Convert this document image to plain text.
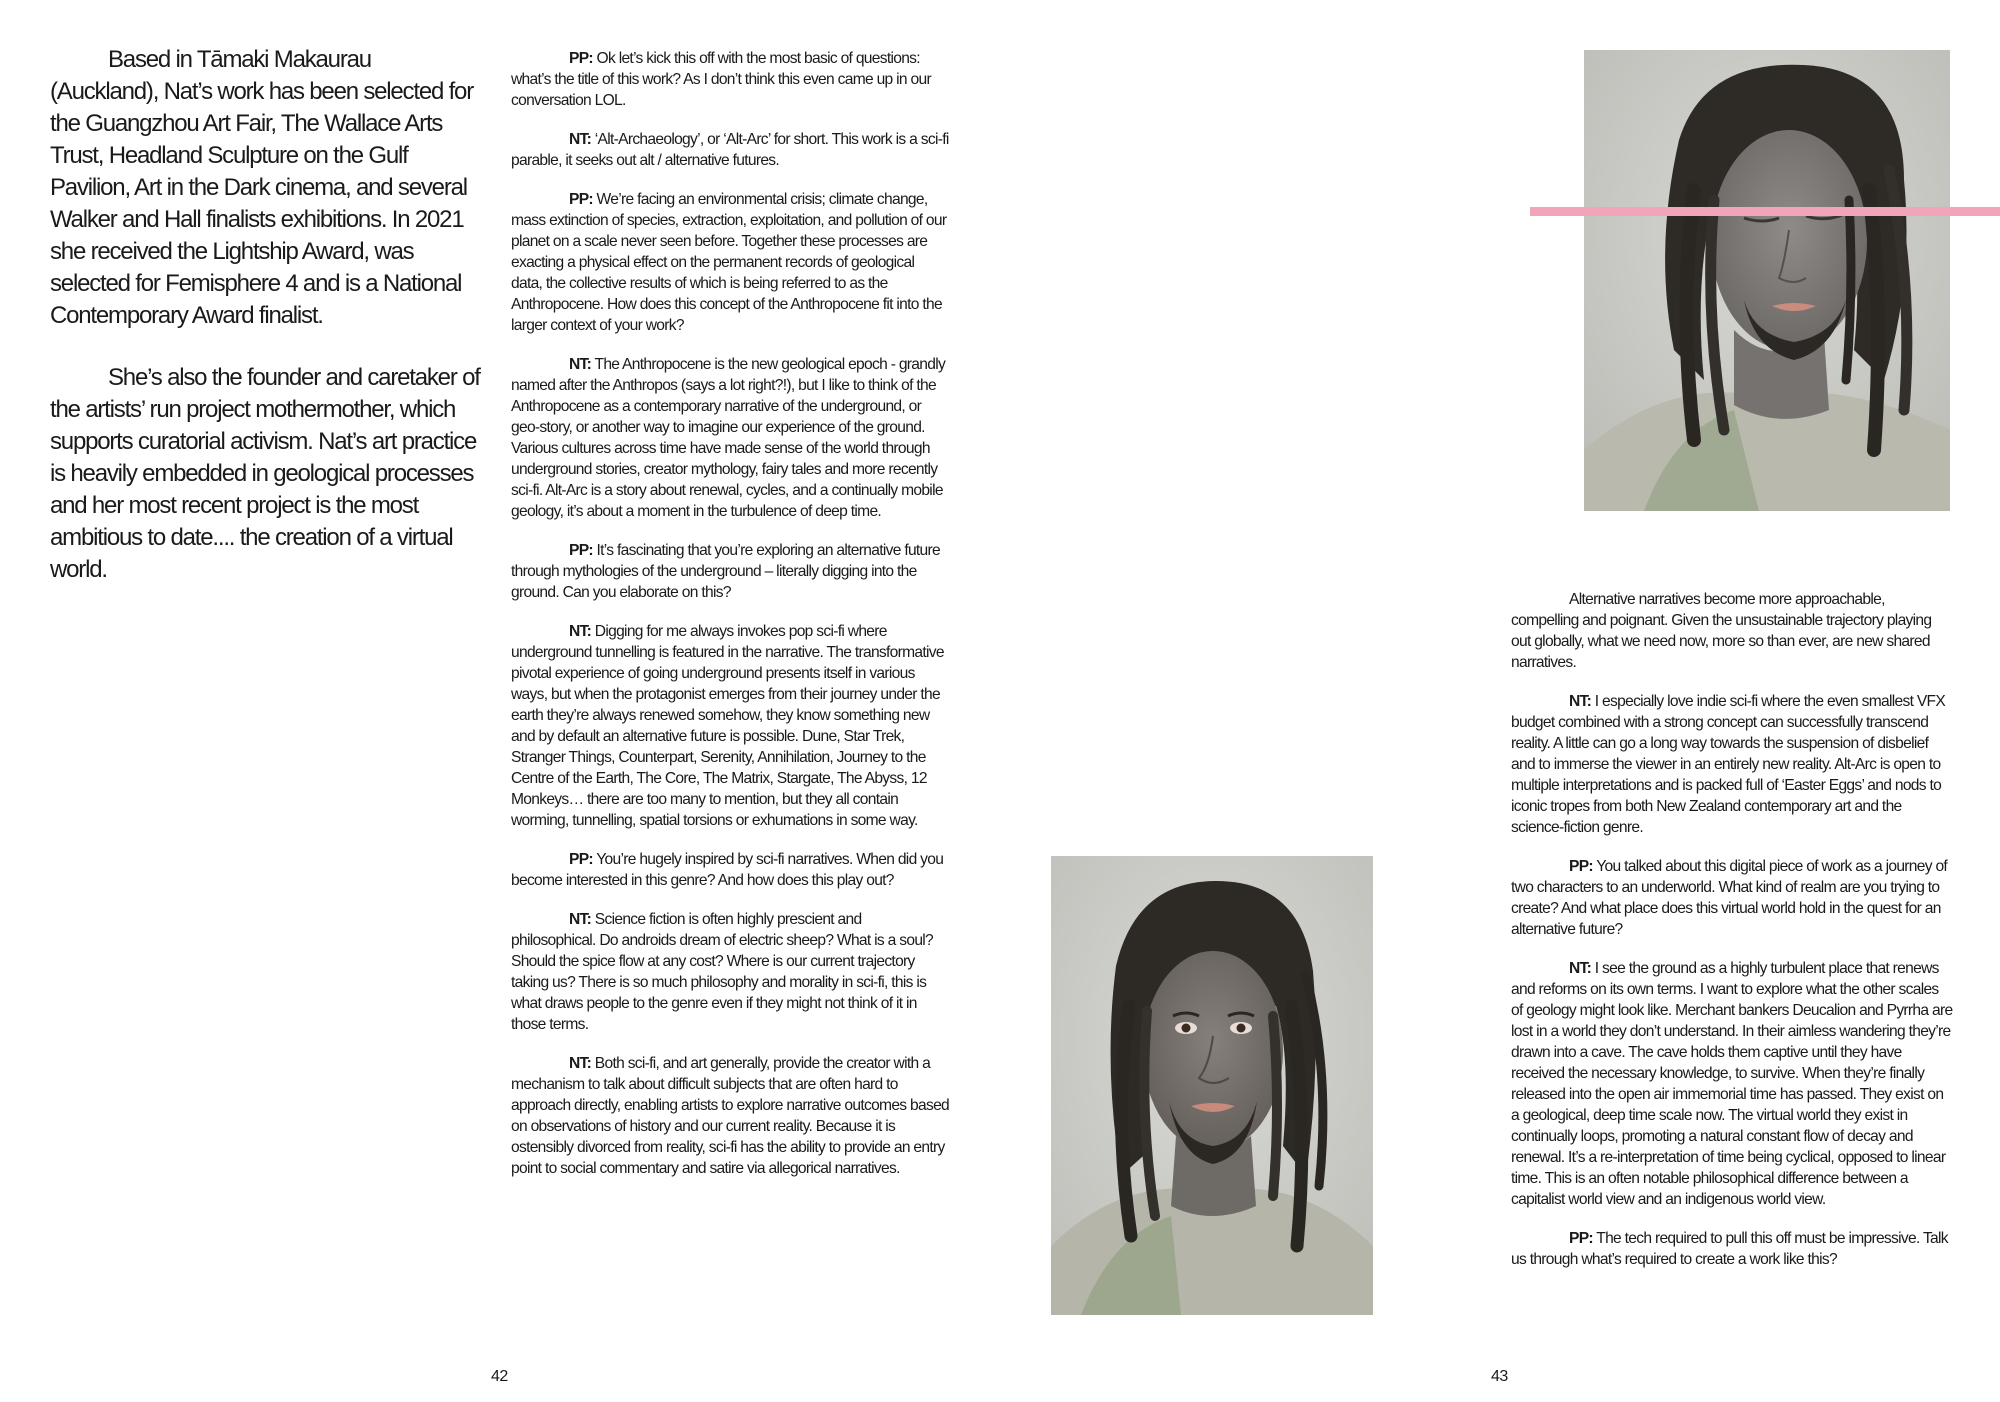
Based in Tāmaki Makaurau (Auckland), Nat’s work has been selected for the Guangzhou Art Fair, The Wallace Arts Trust, Headland Sculpture on the Gulf Pavilion, Art in the Dark cinema, and several Walker and Hall finalists exhibitions. In 2021 she received the Lightship Award, was selected for Femisphere 4 and is a National Contemporary Award finalist.

She’s also the founder and caretaker of the artists’ run project mothermother, which supports curatorial activism. Nat’s art practice is heavily embedded in geological processes and her most recent project is the most ambitious to date.... the creation of a virtual world.

PP: Ok let’s kick this off with the most basic of questions: what’s the title of this work? As I don’t think this even came up in our conversation LOL.

NT: ‘Alt-Archaeology’, or ‘Alt-Arc’ for short. This work is a sci-fi parable, it seeks out alt / alternative futures.

PP: We’re facing an environmental crisis; climate change, mass extinction of species, extraction, exploitation, and pollution of our planet on a scale never seen before. Together these processes are exacting a physical effect on the permanent records of geological data, the collective results of which is being referred to as the Anthropocene. How does this concept of the Anthropocene fit into the larger context of your work?

NT: The Anthropocene is the new geological epoch - grandly named after the Anthropos (says a lot right?!), but I like to think of the Anthropocene as a contemporary narrative of the underground, or geo-story, or another way to imagine our experience of the ground. Various cultures across time have made sense of the world through underground stories, creator mythology, fairy tales and more recently sci-fi. Alt-Arc is a story about renewal, cycles, and a continually mobile geology, it’s about a moment in the turbulence of deep time.

PP: It’s fascinating that you’re exploring an alternative future through mythologies of the underground – literally digging into the ground. Can you elaborate on this?

NT: Digging for me always invokes pop sci-fi where underground tunnelling is featured in the narrative. The transformative pivotal experience of going underground presents itself in various ways, but when the protagonist emerges from their journey under the earth they’re always renewed somehow, they know something new and by default an alternative future is possible. Dune, Star Trek, Stranger Things, Counterpart, Serenity, Annihilation, Journey to the Centre of the Earth, The Core, The Matrix, Stargate, The Abyss, 12 Monkeys… there are too many to mention, but they all contain worming, tunnelling, spatial torsions or exhumations in some way.

PP: You’re hugely inspired by sci-fi narratives. When did you become interested in this genre? And how does this play out?

NT: Science fiction is often highly prescient and philosophical. Do androids dream of electric sheep? What is a soul? Should the spice flow at any cost? Where is our current trajectory taking us? There is so much philosophy and morality in sci-fi, this is what draws people to the genre even if they might not think of it in those terms.

NT: Both sci-fi, and art generally, provide the creator with a mechanism to talk about difficult subjects that are often hard to approach directly, enabling artists to explore narrative outcomes based on observations of history and our current reality. Because it is ostensibly divorced from reality, sci-fi has the ability to provide an entry point to social commentary and satire via allegorical narratives.

Alternative narratives become more approachable, compelling and poignant. Given the unsustainable trajectory playing out globally, what we need now, more so than ever, are new shared narratives.

NT: I especially love indie sci-fi where the even smallest VFX budget combined with a strong concept can successfully transcend reality. A little can go a long way towards the suspension of disbelief and to immerse the viewer in an entirely new reality. Alt-Arc is open to multiple interpretations and is packed full of ‘Easter Eggs’ and nods to iconic tropes from both New Zealand contemporary art and the science-fiction genre.

PP: You talked about this digital piece of work as a journey of two characters to an underworld. What kind of realm are you trying to create? And what place does this virtual world hold in the quest for an alternative future?

NT: I see the ground as a highly turbulent place that renews and reforms on its own terms. I want to explore what the other scales of geology might look like. Merchant bankers Deucalion and Pyrrha are lost in a world they don’t understand. In their aimless wandering they’re drawn into a cave. The cave holds them captive until they have received the necessary knowledge, to survive. When they’re finally released into the open air immemorial time has passed. They exist on a geological, deep time scale now. The virtual world they exist in continually loops, promoting a natural constant flow of decay and renewal. It’s a re-interpretation of time being cyclical, opposed to linear time. This is an often notable philosophical difference between a capitalist world view and an indigenous world view.

PP: The tech required to pull this off must be impressive. Talk us through what’s required to create a work like this?

42	43
